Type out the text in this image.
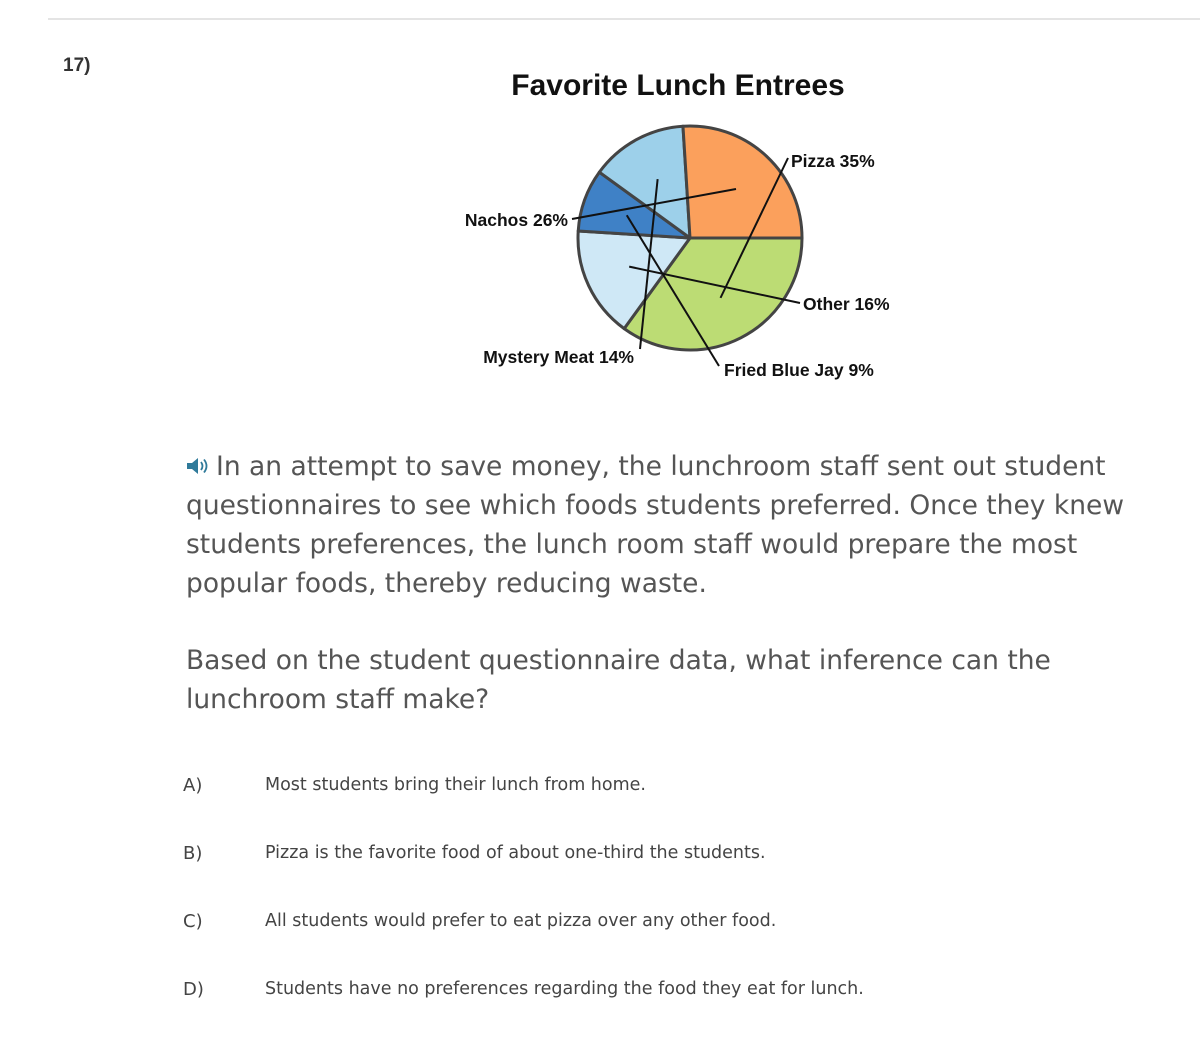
17)
Favorite Lunch Entrees
Pizza 35%
Other 16%
Fried Blue Jay 9%
Mystery Meat 14%
Nachos 26%

In an attempt to save money, the lunchroom staff sent out student questionnaires to see which foods students preferred. Once they knew students preferences, the lunch room staff would prepare the most popular foods, thereby reducing waste.

Based on the student questionnaire data, what inference can the lunchroom staff make?

A)	Most students bring their lunch from home.
B)	Pizza is the favorite food of about one-third the students.
C)	All students would prefer to eat pizza over any other food.
D)	Students have no preferences regarding the food they eat for lunch.
